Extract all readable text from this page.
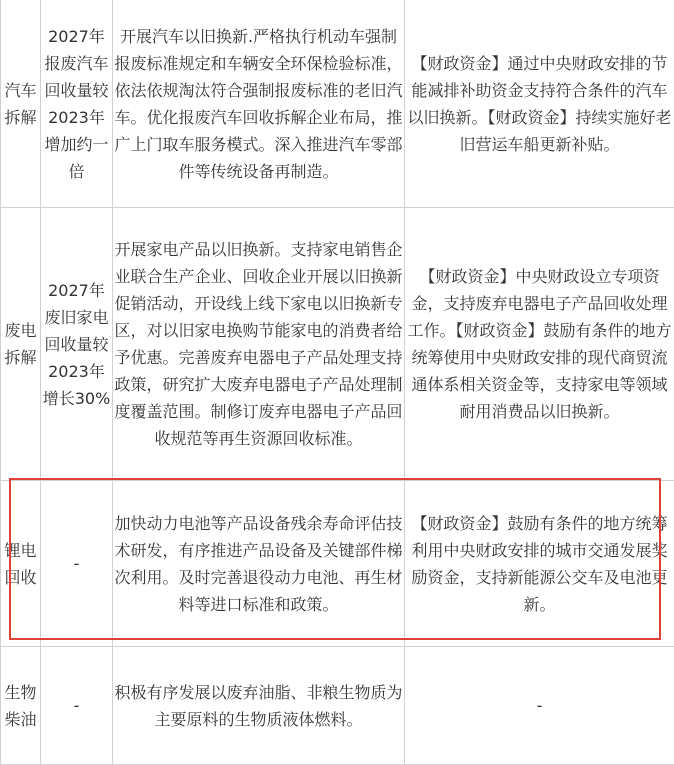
汽车拆解	2027年报废汽车回收量较2023年增加约一倍	开展汽车以旧换新.严格执行机动车强制报废标准规定和车辆安全环保检验标准，依法依规淘汰符合强制报废标准的老旧汽车。优化报废汽车回收拆解企业布局，推广上门取车服务模式。深入推进汽车零部件等传统设备再制造。	【财政资金】通过中央财政安排的节能减排补助资金支持符合条件的汽车以旧换新。【财政资金】持续实施好老旧营运车船更新补贴。
废电拆解	2027年废旧家电回收量较2023年增长30%	开展家电产品以旧换新。支持家电销售企业联合生产企业、回收企业开展以旧换新促销活动，开设线上线下家电以旧换新专区，对以旧家电换购节能家电的消费者给予优惠。完善废弃电器电子产品处理支持政策，研究扩大废弃电器电子产品处理制度覆盖范围。制修订废弃电器电子产品回收规范等再生资源回收标准。	【财政资金】中央财政设立专项资金，支持废弃电器电子产品回收处理工作。【财政资金】鼓励有条件的地方统筹使用中央财政安排的现代商贸流通体系相关资金等，支持家电等领域耐用消费品以旧换新。
锂电回收	-	加快动力电池等产品设备残余寿命评估技术研发，有序推进产品设备及关键部件梯次利用。及时完善退役动力电池、再生材料等进口标准和政策。	【财政资金】鼓励有条件的地方统筹利用中央财政安排的城市交通发展奖励资金，支持新能源公交车及电池更新。
生物柴油	-	积极有序发展以废弃油脂、非粮生物质为主要原料的生物质液体燃料。	-
